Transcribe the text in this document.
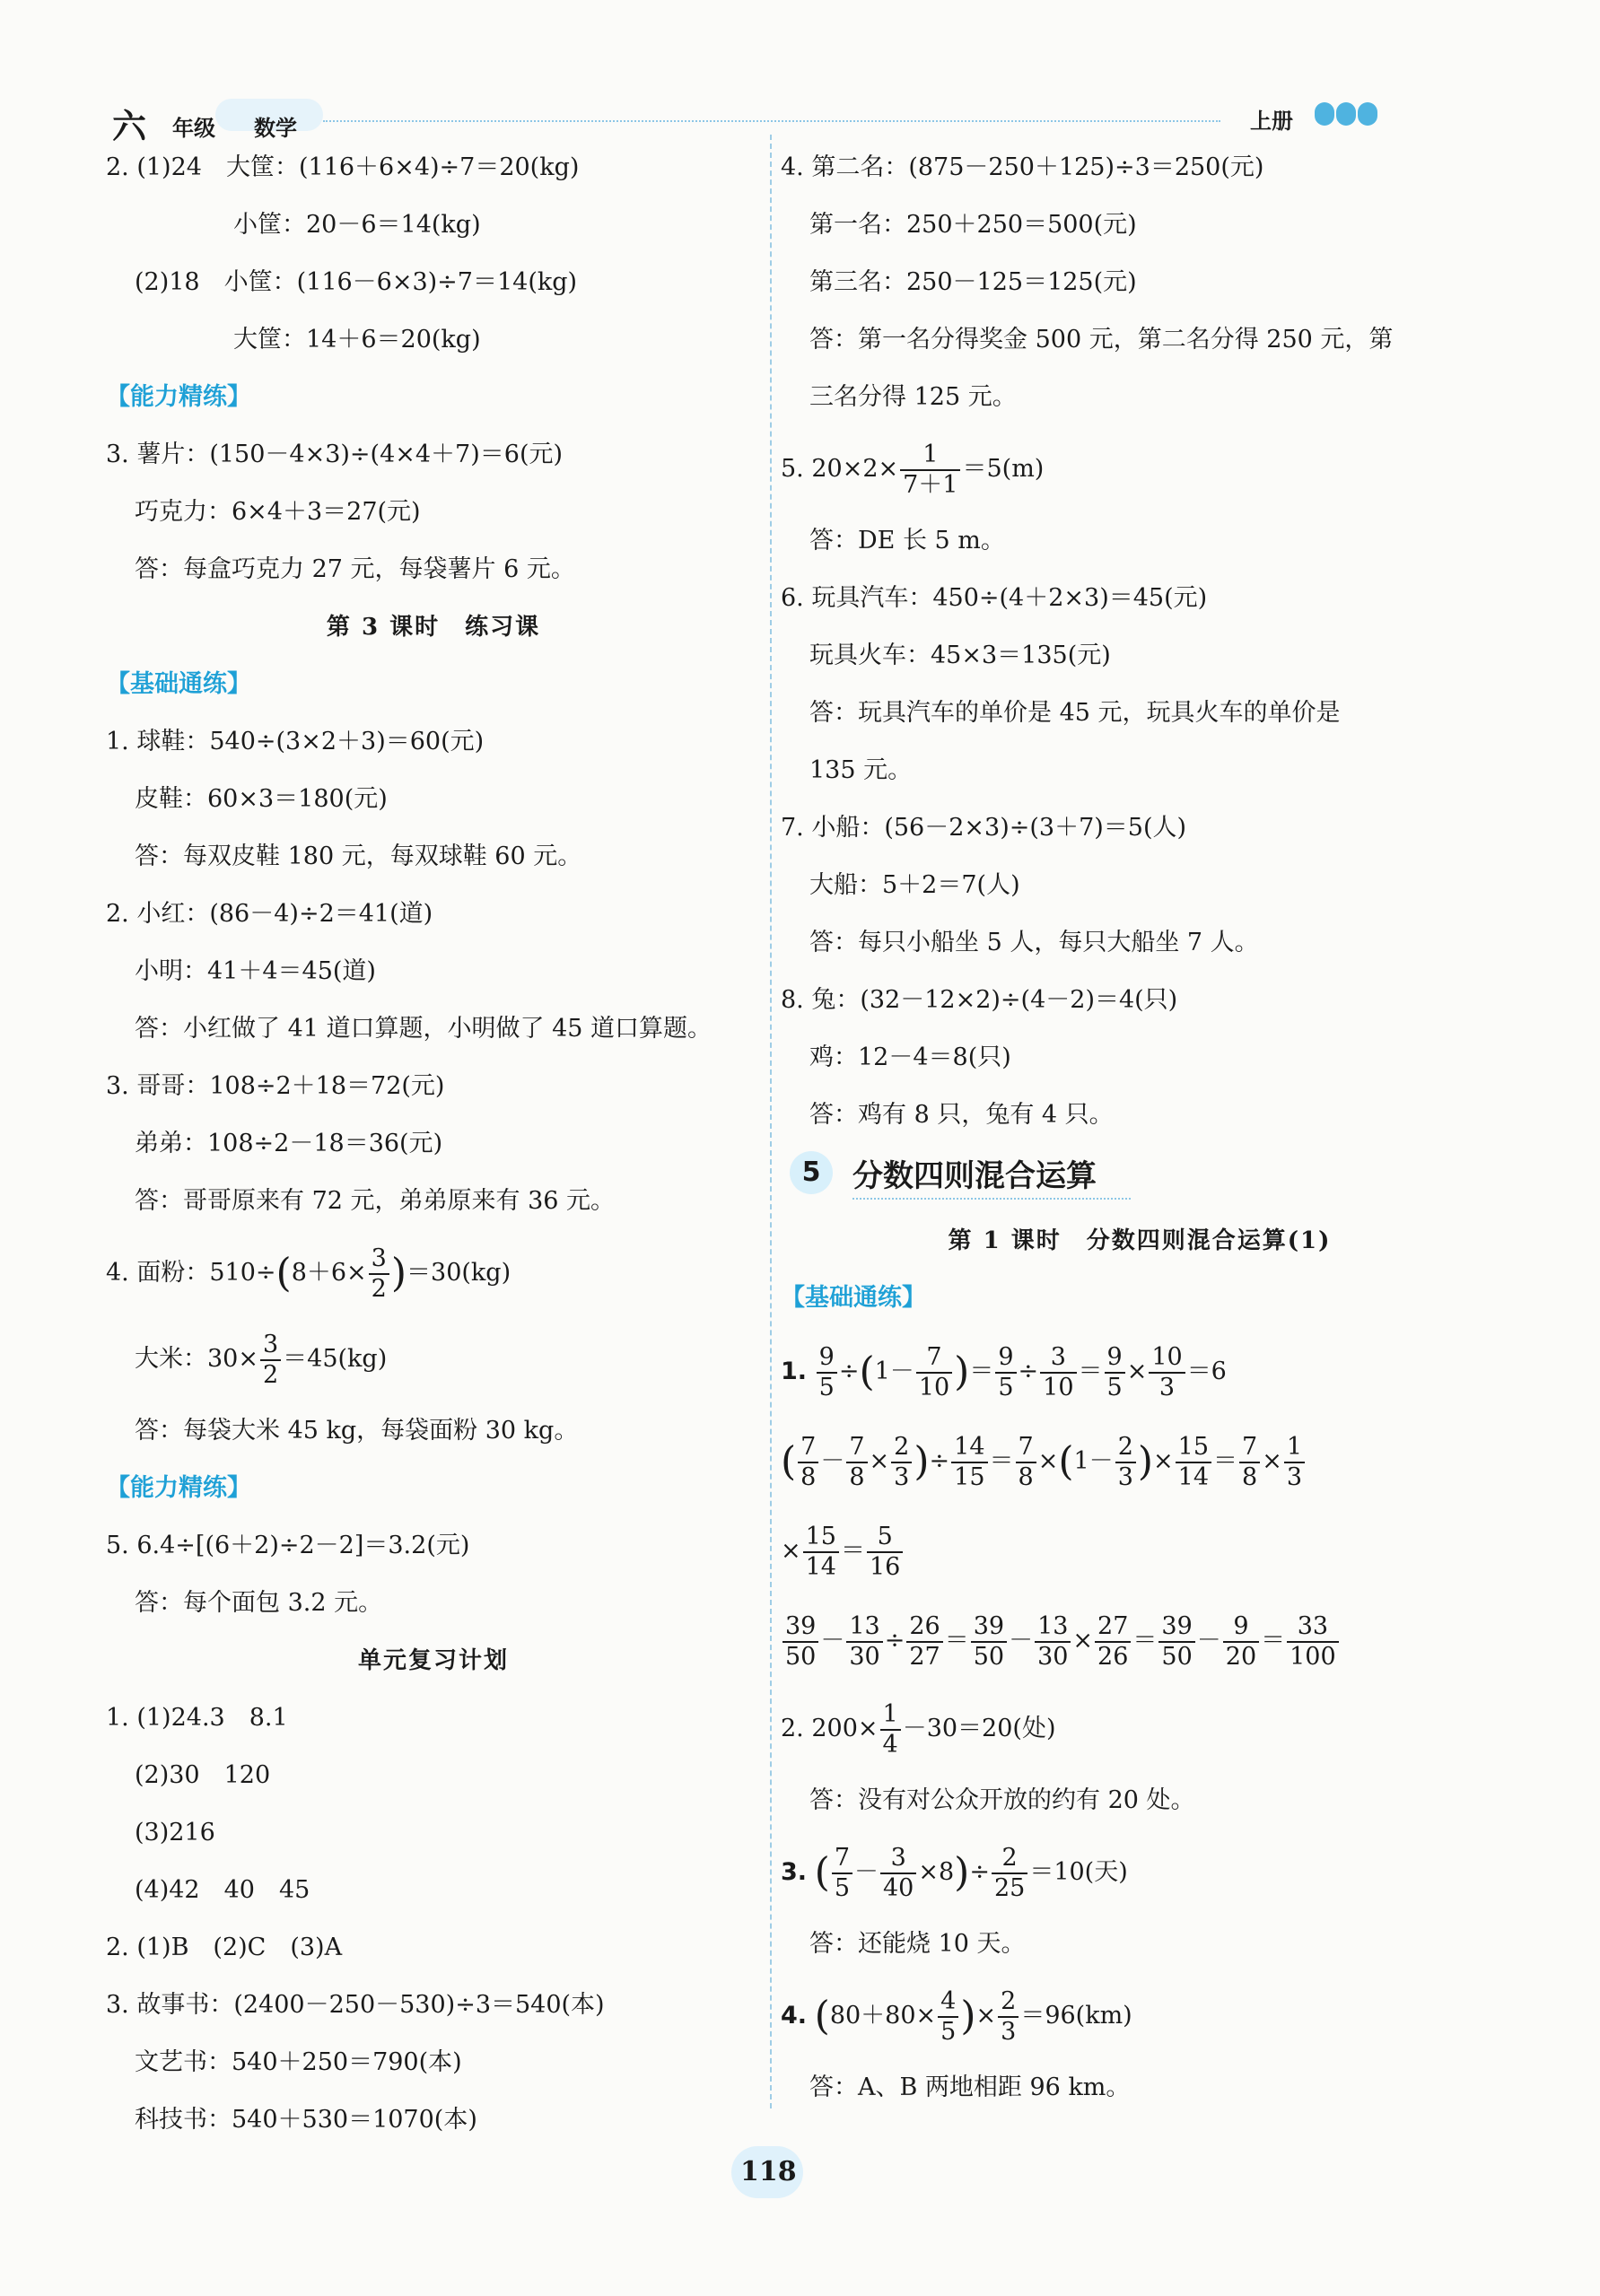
六 年级 数学	上册
2. (1)24　大筐：(116＋6×4)÷7＝20(kg)
小筐：20－6＝14(kg)
(2)18　小筐：(116－6×3)÷7＝14(kg)
大筐：14＋6＝20(kg)
【能力精练】
3. 薯片：(150－4×3)÷(4×4＋7)＝6(元)
巧克力：6×4＋3＝27(元)
答：每盒巧克力 27 元，每袋薯片 6 元。
第 3 课时　练习课
【基础通练】
1. 球鞋：540÷(3×2＋3)＝60(元)
皮鞋：60×3＝180(元)
答：每双皮鞋 180 元，每双球鞋 60 元。
2. 小红：(86－4)÷2＝41(道)
小明：41＋4＝45(道)
答：小红做了 41 道口算题，小明做了 45 道口算题。
3. 哥哥：108÷2＋18＝72(元)
弟弟：108÷2－18＝36(元)
答：哥哥原来有 72 元，弟弟原来有 36 元。
4. 面粉：$510\div(8+6\times \frac{3}{2} )=30(kg)$
大米：$30\times \frac{3}{2} =45(kg)$
答：每袋大米 45 kg，每袋面粉 30 kg。
【能力精练】
5. 6.4÷[(6＋2)÷2－2]＝3.2(元)
答：每个面包 3.2 元。
单元复习计划
1. (1)24.3　8.1
(2)30　120
(3)216
(4)42　40　45
2. (1)B　(2)C　(3)A
3. 故事书：(2400－250－530)÷3＝540(本)
文艺书：540＋250＝790(本)
科技书：540＋530＝1070(本)
4. 第二名：(875－250＋125)÷3＝250(元)
第一名：250＋250＝500(元)
第三名：250－125＝125(元)
答：第一名分得奖金 500 元，第二名分得 250 元，第
三名分得 125 元。
5. $20\times 2\times \frac{1}{7+1} =5(m)$
答：DE 长 5 m。
6. 玩具汽车：450÷(4＋2×3)＝45(元)
玩具火车：45×3＝135(元)
答：玩具汽车的单价是 45 元，玩具火车的单价是
135 元。
7. 小船：(56－2×3)÷(3＋7)＝5(人)
大船：5＋2＝7(人)
答：每只小船坐 5 人，每只大船坐 7 人。
8. 兔：(32－12×2)÷(4－2)＝4(只)
鸡：12－4＝8(只)
答：鸡有 8 只，兔有 4 只。
5	分数四则混合运算
第 1 课时　分数四则混合运算(1)
【基础通练】
1. $\frac{9}{5} \div(1- \frac{7}{10}$ )＝ $\frac{9}{5} \div \frac{3}{10} = \frac{9}{5} \times \frac{10}{3} =6$
( $\frac{7}{8} - \frac{7}{8} \times \frac{2}{3}$ )÷ $\frac{14}{15} = \frac{7}{8} \times(1- \frac{2}{3}$ )× $\frac{15}{14} = \frac{7}{8} \times \frac{1}{3}$
× $\frac{15}{14} = \frac{5}{16}$
$\frac{39}{50} - \frac{13}{30} \div \frac{26}{27} = \frac{39}{50} - \frac{13}{30} \times \frac{27}{26} = \frac{39}{50} - \frac{9}{20} = \frac{33}{100}$
2. $200\times \frac{1}{4} -30=20$(处)
答：没有对公众开放的约有 20 处。
3. ( $\frac{7}{5} - \frac{3}{40} \times 8)\div \frac{2}{25} =10$(天)
答：还能烧 10 天。
4. ($80+80\times \frac{4}{5}$ )× $\frac{2}{3} =96(km)$
答：A、B 两地相距 96 km。
118
